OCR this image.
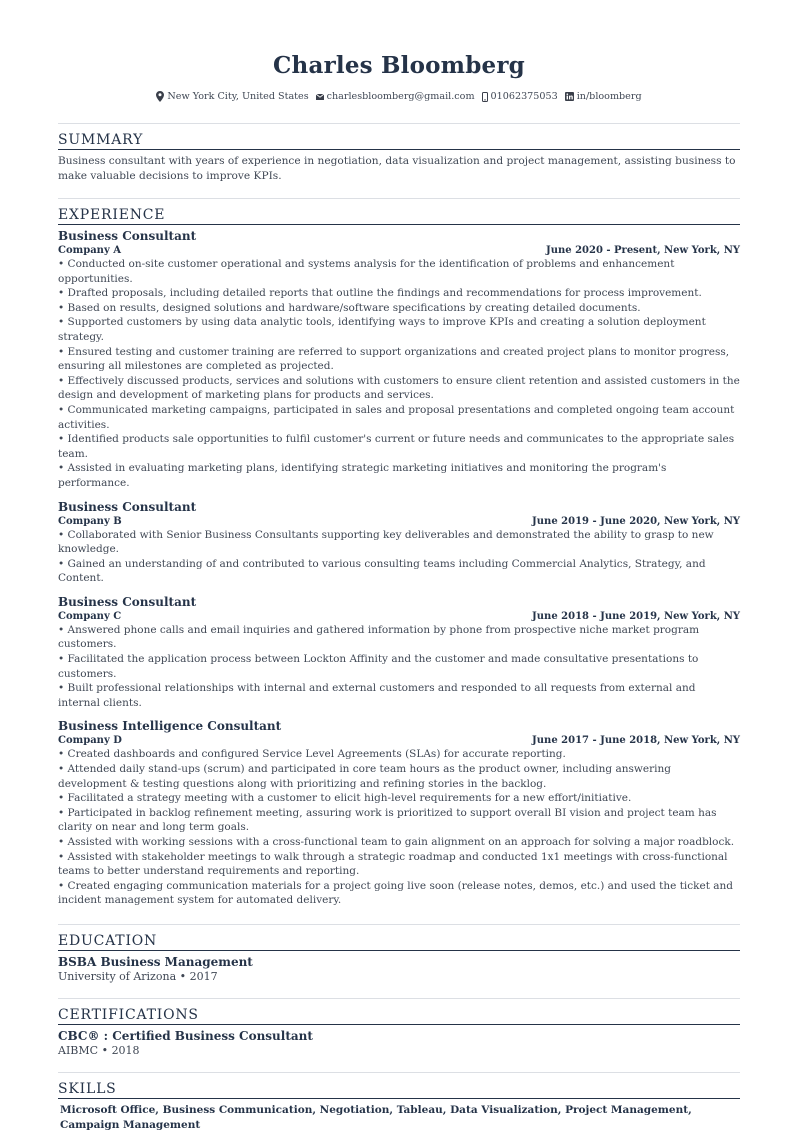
Charles Bloomberg
New York City, United States charlesbloomberg@gmail.com 01062375053 in/bloomberg
SUMMARY
Business consultant with years of experience in negotiation, data visualization and project management, assisting business to make valuable decisions to improve KPIs.
EXPERIENCE
Business Consultant
Company A	June 2020 - Present, New York, NY
• Conducted on-site customer operational and systems analysis for the identification of problems and enhancement opportunities.
• Drafted proposals, including detailed reports that outline the findings and recommendations for process improvement.
• Based on results, designed solutions and hardware/software specifications by creating detailed documents.
• Supported customers by using data analytic tools, identifying ways to improve KPIs and creating a solution deployment strategy.
• Ensured testing and customer training are referred to support organizations and created project plans to monitor progress, ensuring all milestones are completed as projected.
• Effectively discussed products, services and solutions with customers to ensure client retention and assisted customers in the design and development of marketing plans for products and services.
• Communicated marketing campaigns, participated in sales and proposal presentations and completed ongoing team account activities.
• Identified products sale opportunities to fulfil customer's current or future needs and communicates to the appropriate sales team.
• Assisted in evaluating marketing plans, identifying strategic marketing initiatives and monitoring the program's performance.
Business Consultant
Company B	June 2019 - June 2020, New York, NY
• Collaborated with Senior Business Consultants supporting key deliverables and demonstrated the ability to grasp to new knowledge.
• Gained an understanding of and contributed to various consulting teams including Commercial Analytics, Strategy, and Content.
Business Consultant
Company C	June 2018 - June 2019, New York, NY
• Answered phone calls and email inquiries and gathered information by phone from prospective niche market program customers.
• Facilitated the application process between Lockton Affinity and the customer and made consultative presentations to customers.
• Built professional relationships with internal and external customers and responded to all requests from external and internal clients.
Business Intelligence Consultant
Company D	June 2017 - June 2018, New York, NY
• Created dashboards and configured Service Level Agreements (SLAs) for accurate reporting.
• Attended daily stand-ups (scrum) and participated in core team hours as the product owner, including answering development & testing questions along with prioritizing and refining stories in the backlog.
• Facilitated a strategy meeting with a customer to elicit high-level requirements for a new effort/initiative.
• Participated in backlog refinement meeting, assuring work is prioritized to support overall BI vision and project team has clarity on near and long term goals.
• Assisted with working sessions with a cross-functional team to gain alignment on an approach for solving a major roadblock.
• Assisted with stakeholder meetings to walk through a strategic roadmap and conducted 1x1 meetings with cross-functional teams to better understand requirements and reporting.
• Created engaging communication materials for a project going live soon (release notes, demos, etc.) and used the ticket and incident management system for automated delivery.
EDUCATION
BSBA Business Management
University of Arizona • 2017
CERTIFICATIONS
CBC® : Certified Business Consultant
AIBMC • 2018
SKILLS
Microsoft Office, Business Communication, Negotiation, Tableau, Data Visualization, Project Management, Campaign Management
